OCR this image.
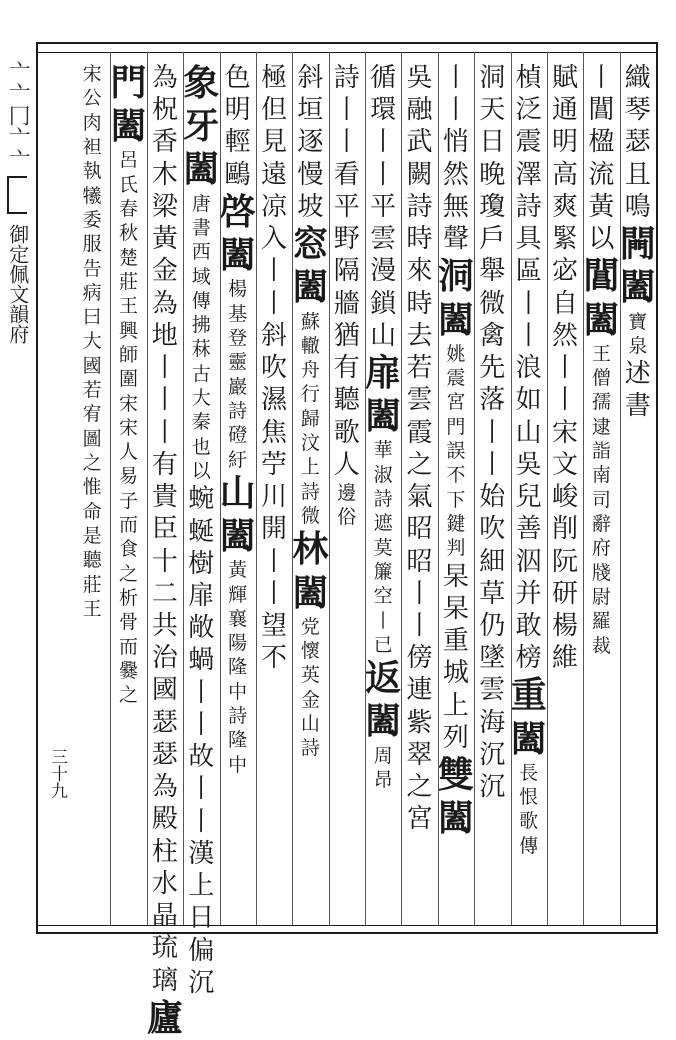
亠亠冂亠亠
御定佩文韻府
織
琴
瑟
且
鳴
闁
闔
寶
泉
述
書
丨
閶
楹
流
黃
以
閶
闔
王
僧
孺
逮
詣
南
司
辭
府
牋
尉
羅
裁
賦
通
明
高
爽
緊
宓
自
然
丨
丨
宋
文
峻
削
阮
研
楊
維
楨
泛
震
澤
詩
具
區
丨
丨
浪
如
山
吳
兒
善
泅
并
敢
榜
重
闔
長
恨
歌
傳
洞
天
日
晚
瓊
戶
舉
微
禽
先
落
丨
丨
始
吹
細
草
仍
墜
雲
海
沉
沉
丨
丨
悄
然
無
聲
洞
闔
姚
震
宮
門
誤
不
下
鍵
判
杲
杲
重
城
上
列
雙
闔
吳
融
武
闕
詩
時
來
時
去
若
雲
霞
之
氣
昭
昭
丨
丨
傍
連
紫
翠
之
宮
循
環
丨
丨
平
雲
漫
鎖
山
扉
闔
華
淑
詩
遮
莫
簾
空
丨
已
返
闔
周
昂
詩
丨
丨
看
平
野
隔
牆
猶
有
聽
歌
人
邊
俗
斜
垣
逐
慢
坡
窓
闔
蘇
轍
舟
行
歸
汶
上
詩
微
林
闔
党
懷
英
金
山
詩
極
但
見
遠
凉
入
丨
丨
斜
吹
濕
焦
苧
川
開
丨
丨
望
不
色
明
輕
鷗
啓
闔
楊
基
登
靈
巖
詩
磴
紆
山
闔
黃
輝
襄
陽
隆
中
詩
隆
中
象
牙
闔
唐
書
西
域
傳
拂
菻
古
大
秦
也
以
蜿
蜒
樹
扉
敞
蝸
丨
丨
故
丨
丨
漢
上
日
偏
沉
為
柷
香
木
梁
黃
金
為
地
丨
丨
丨
有
貴
臣
十
二
共
治
國
瑟
瑟
為
殿
柱
水
晶
琉
璃
廬
門
闔
呂
氏
春
秋
楚
莊
王
興
師
圍
宋
宋
人
易
子
而
食
之
析
骨
而
爨
之
宋
公
肉
袒
執
犧
委
服
告
病
曰
大
國
若
宥
圖
之
惟
命
是
聽
莊
王
三十九
